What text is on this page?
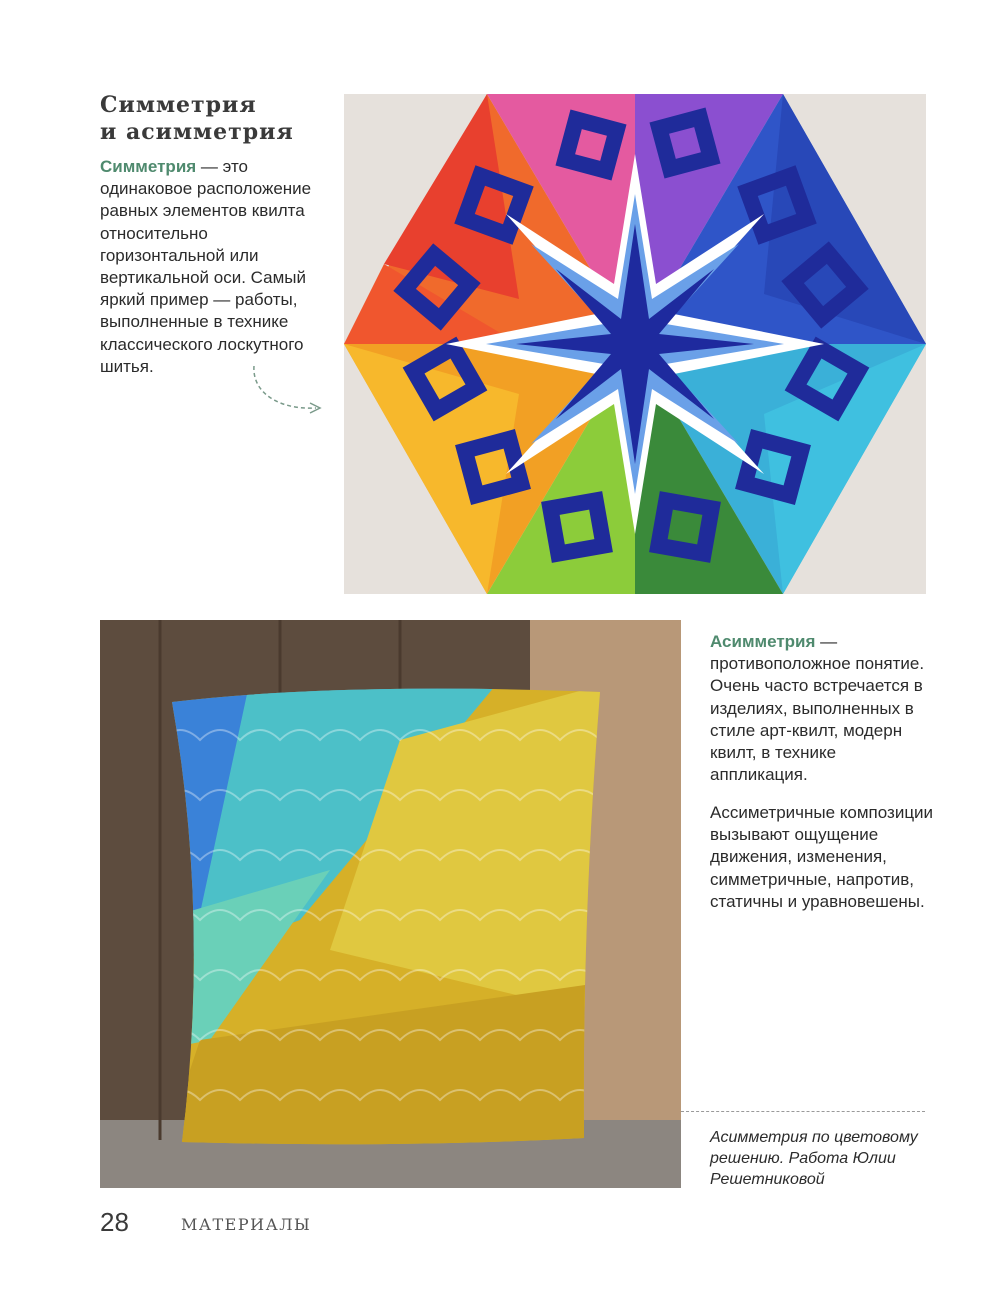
Симметрия
и асимметрия

Симметрия — это одинаковое расположение равных элементов квилта относительно горизонтальной или вертикальной оси. Самый яркий пример — работы, выполненные в технике классического лоскутного шитья.

Асимметрия — противоположное понятие. Очень часто встречается в изделиях, выполненных в стиле арт-квилт, модерн квилт, в технике аппликация.

Ассиметричные композиции вызывают ощущение движения, изменения, симметричные, напротив, статичны и уравновешены.

Асимметрия по цветовому решению. Работа Юлии Решетниковой

28	МАТЕРИАЛЫ
